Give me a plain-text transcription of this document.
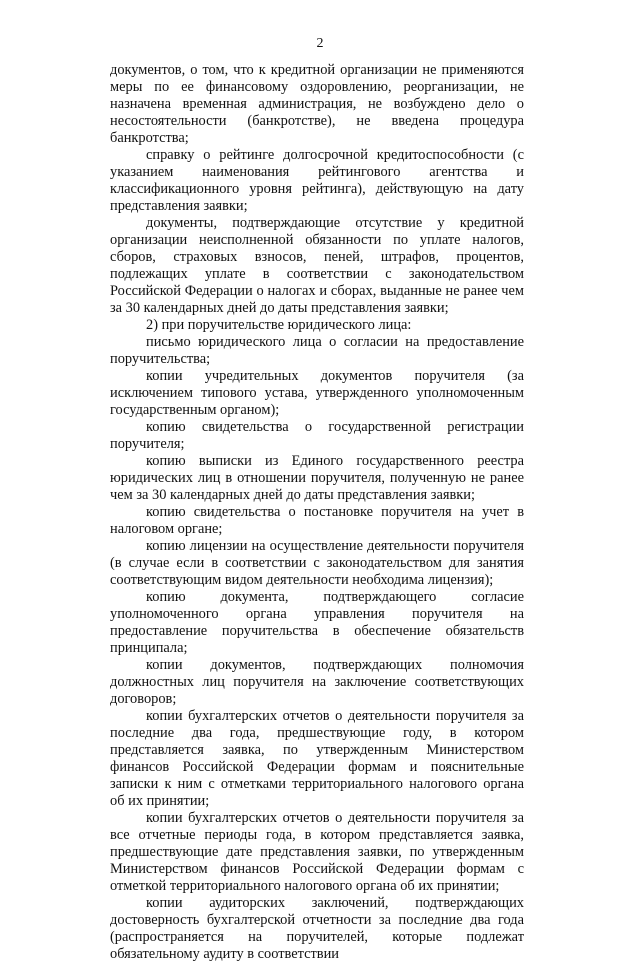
2

документов, о том, что к кредитной организации не применяются меры по ее финансовому оздоровлению, реорганизации, не назначена временная администрация, не возбуждено дело о несостоятельности (банкротстве), не введена процедура банкротства;

справку о рейтинге долгосрочной кредитоспособности (с указанием наименования рейтингового агентства и классификационного уровня рейтинга), действующую на дату представления заявки;

документы, подтверждающие отсутствие у кредитной организации неисполненной обязанности по уплате налогов, сборов, страховых взносов, пеней, штрафов, процентов, подлежащих уплате в соответствии с законодательством Российской Федерации о налогах и сборах, выданные не ранее чем за 30 календарных дней до даты представления заявки;

2) при поручительстве юридического лица:

письмо юридического лица о согласии на предоставление поручительства;

копии учредительных документов поручителя (за исключением типового устава, утвержденного уполномоченным государственным органом);

копию свидетельства о государственной регистрации поручителя;

копию выписки из Единого государственного реестра юридических лиц в отношении поручителя, полученную не ранее чем за 30 календарных дней до даты представления заявки;

копию свидетельства о постановке поручителя на учет в налоговом органе;

копию лицензии на осуществление деятельности поручителя (в случае если в соответствии с законодательством для занятия соответствующим видом деятельности необходима лицензия);

копию документа, подтверждающего согласие уполномоченного органа управления поручителя на предоставление поручительства в обеспечение обязательств принципала;

копии документов, подтверждающих полномочия должностных лиц поручителя на заключение соответствующих договоров;

копии бухгалтерских отчетов о деятельности поручителя за последние два года, предшествующие году, в котором представляется заявка, по утвержденным Министерством финансов Российской Федерации формам и пояснительные записки к ним с отметками территориального налогового органа об их принятии;

копии бухгалтерских отчетов о деятельности поручителя за все отчетные периоды года, в котором представляется заявка, предшествующие дате представления заявки, по утвержденным Министерством финансов Российской Федерации формам с отметкой территориального налогового органа об их принятии;

копии аудиторских заключений, подтверждающих достоверность бухгалтерской отчетности за последние два года (распространяется на поручителей, которые подлежат обязательному аудиту в соответствии
